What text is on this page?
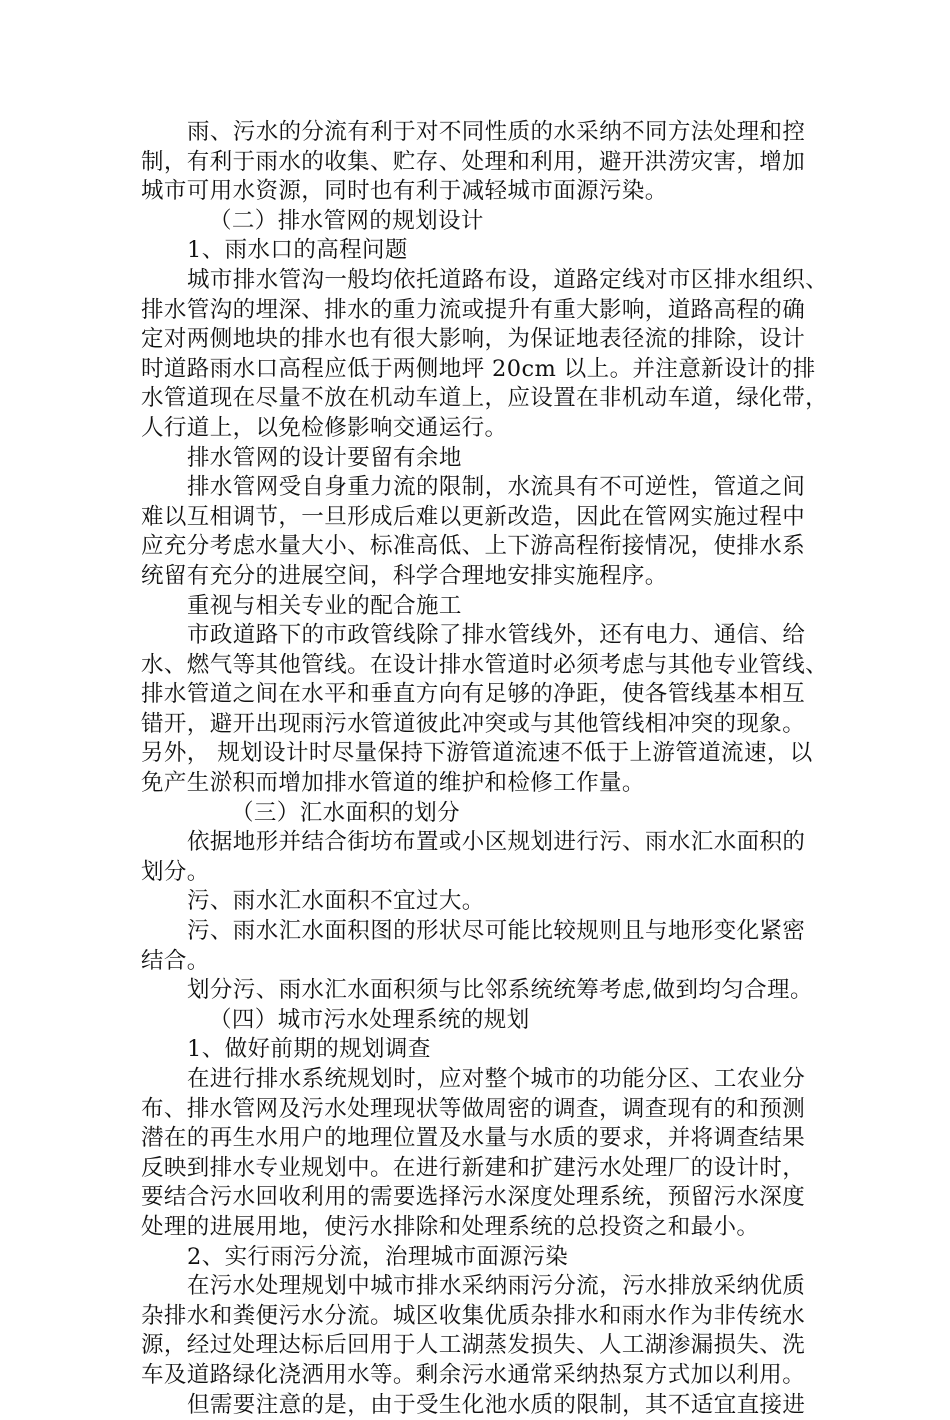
雨、污水的分流有利于对不同性质的水采纳不同方法处理和控
制，有利于雨水的收集、贮存、处理和利用，避开洪涝灾害，增加
城市可用水资源，同时也有利于减轻城市面源污染。
（二）排水管网的规划设计
1、雨水口的高程问题
城市排水管沟一般均依托道路布设，道路定线对市区排水组织、
排水管沟的埋深、排水的重力流或提升有重大影响，道路高程的确
定对两侧地块的排水也有很大影响，为保证地表径流的排除，设计
时道路雨水口高程应低于两侧地坪 20cm 以上。并注意新设计的排
水管道现在尽量不放在机动车道上，应设置在非机动车道，绿化带，
人行道上，以免检修影响交通运行。
排水管网的设计要留有余地
排水管网受自身重力流的限制，水流具有不可逆性，管道之间
难以互相调节，一旦形成后难以更新改造，因此在管网实施过程中
应充分考虑水量大小、标准高低、上下游高程衔接情况，使排水系
统留有充分的进展空间，科学合理地安排实施程序。
重视与相关专业的配合施工
市政道路下的市政管线除了排水管线外，还有电力、通信、给
水、燃气等其他管线。在设计排水管道时必须考虑与其他专业管线、
排水管道之间在水平和垂直方向有足够的净距，使各管线基本相互
错开，避开出现雨污水管道彼此冲突或与其他管线相冲突的现象。
另外， 规划设计时尽量保持下游管道流速不低于上游管道流速，以
免产生淤积而增加排水管道的维护和检修工作量。
（三）汇水面积的划分
依据地形并结合街坊布置或小区规划进行污、雨水汇水面积的
划分。
污、雨水汇水面积不宜过大。
污、雨水汇水面积图的形状尽可能比较规则且与地形变化紧密
结合。
划分污、雨水汇水面积须与比邻系统统筹考虑,做到均匀合理。
（四）城市污水处理系统的规划
1、做好前期的规划调查
在进行排水系统规划时，应对整个城市的功能分区、工农业分
布、排水管网及污水处理现状等做周密的调查，调查现有的和预测
潜在的再生水用户的地理位置及水量与水质的要求，并将调查结果
反映到排水专业规划中。在进行新建和扩建污水处理厂的设计时，
要结合污水回收利用的需要选择污水深度处理系统，预留污水深度
处理的进展用地，使污水排除和处理系统的总投资之和最小。
2、实行雨污分流，治理城市面源污染
在污水处理规划中城市排水采纳雨污分流，污水排放采纳优质
杂排水和粪便污水分流。城区收集优质杂排水和雨水作为非传统水
源，经过处理达标后回用于人工湖蒸发损失、人工湖渗漏损失、洗
车及道路绿化浇洒用水等。剩余污水通常采纳热泵方式加以利用。
但需要注意的是，由于受生化池水质的限制，其不适宜直接进
